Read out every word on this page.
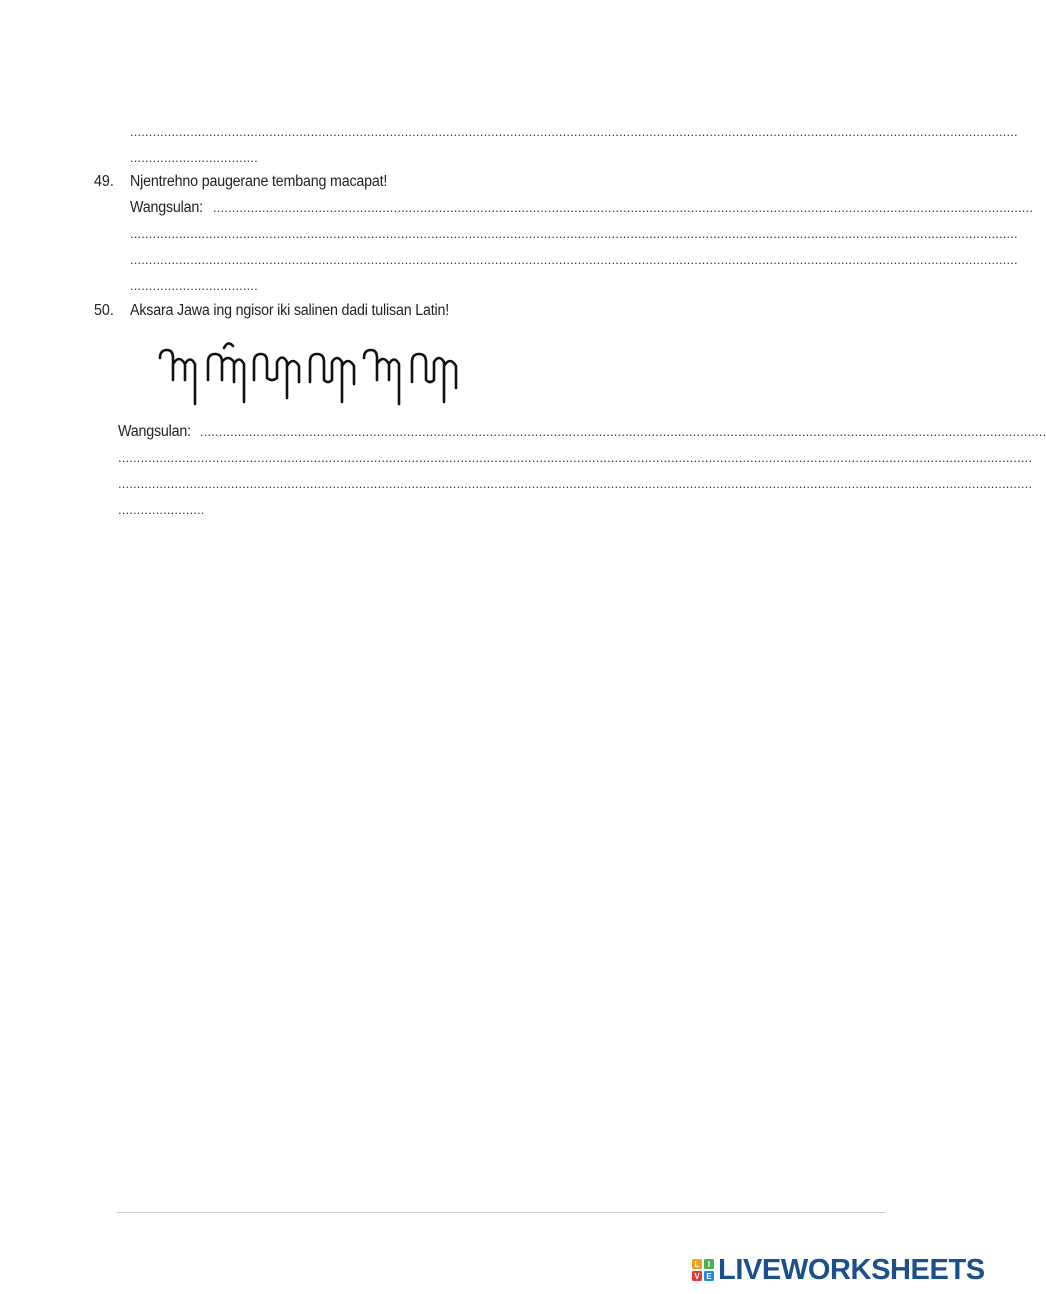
............................................................................................................................................................................................................................................
..................................
49. Njentrehno paugerane tembang macapat!
Wangsulan: ..........................................................................................................................................................................................................................
............................................................................................................................................................................................................................................
............................................................................................................................................................................................................................................
..................................
50. Aksara Jawa ing ngisor iki salinen dadi tulisan Latin!
Wangsulan: .................................................................................................................................................................................................................................
...................................................................................................................................................................................................................................................
...................................................................................................................................................................................................................................................
.......................
L I
V E LIVEWORKSHEETS
